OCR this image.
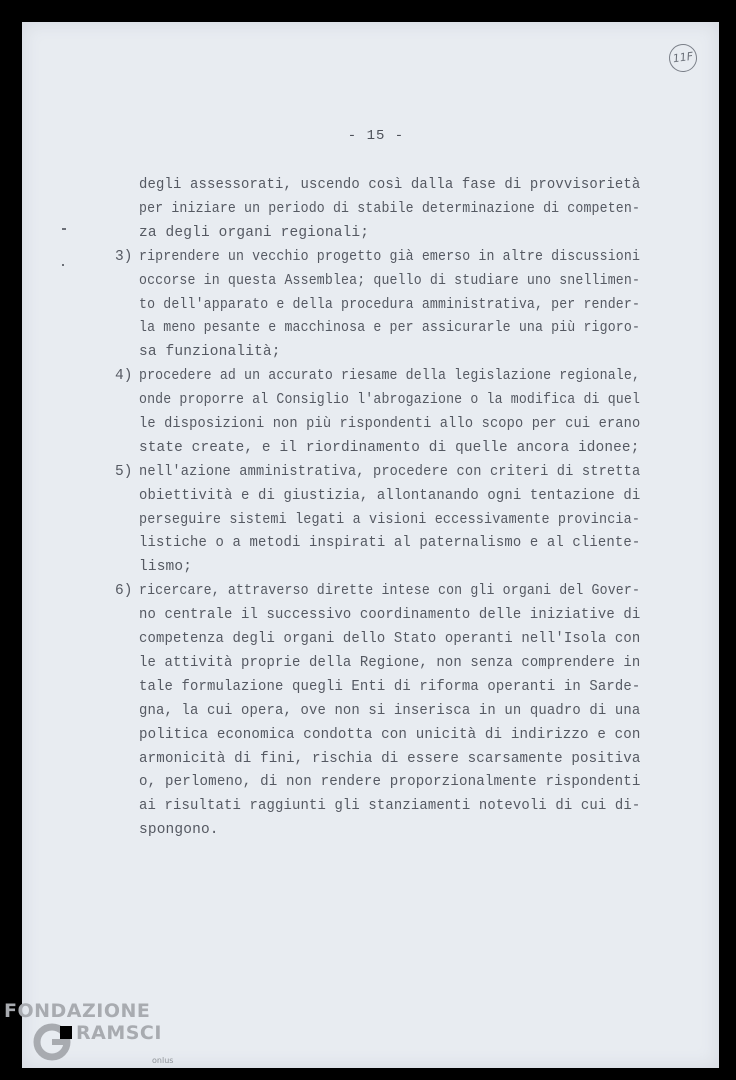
11F
- 15 -
degli assessorati, uscendo così dalla fase di provvisorietà
per iniziare un periodo di stabile determinazione di competen-
za degli organi regionali;
3) riprendere un vecchio progetto già emerso in altre discussioni
occorse in questa Assemblea; quello di studiare uno snellimen-
to dell'apparato e della procedura amministrativa, per render-
la meno pesante e macchinosa e per assicurarle una più rigoro-
sa funzionalità;
4) procedere ad un accurato riesame della legislazione regionale,
onde proporre al Consiglio l'abrogazione o la modifica di quel
le disposizioni non più rispondenti allo scopo per cui erano
state create, e il riordinamento di quelle ancora idonee;
5) nell'azione amministrativa, procedere con criteri di stretta
obiettività e di giustizia, allontanando ogni tentazione di
perseguire sistemi legati a visioni eccessivamente provincia-
listiche o a metodi inspirati al paternalismo e al cliente-
lismo;
6) ricercare, attraverso dirette intese con gli organi del Gover-
no centrale il successivo coordinamento delle iniziative di
competenza degli organi dello Stato operanti nell'Isola con
le attività proprie della Regione, non senza comprendere in
tale formulazione quegli Enti di riforma operanti in Sarde-
gna, la cui opera, ove non si inserisca in un quadro di una
politica economica condotta con unicità di indirizzo e con
armonicità di fini, rischia di essere scarsamente positiva
o, perlomeno, di non rendere proporzionalmente rispondenti
ai risultati raggiunti gli stanziamenti notevoli di cui di-
spongono.
FONDAZIONE
RAMSCI
onlus
